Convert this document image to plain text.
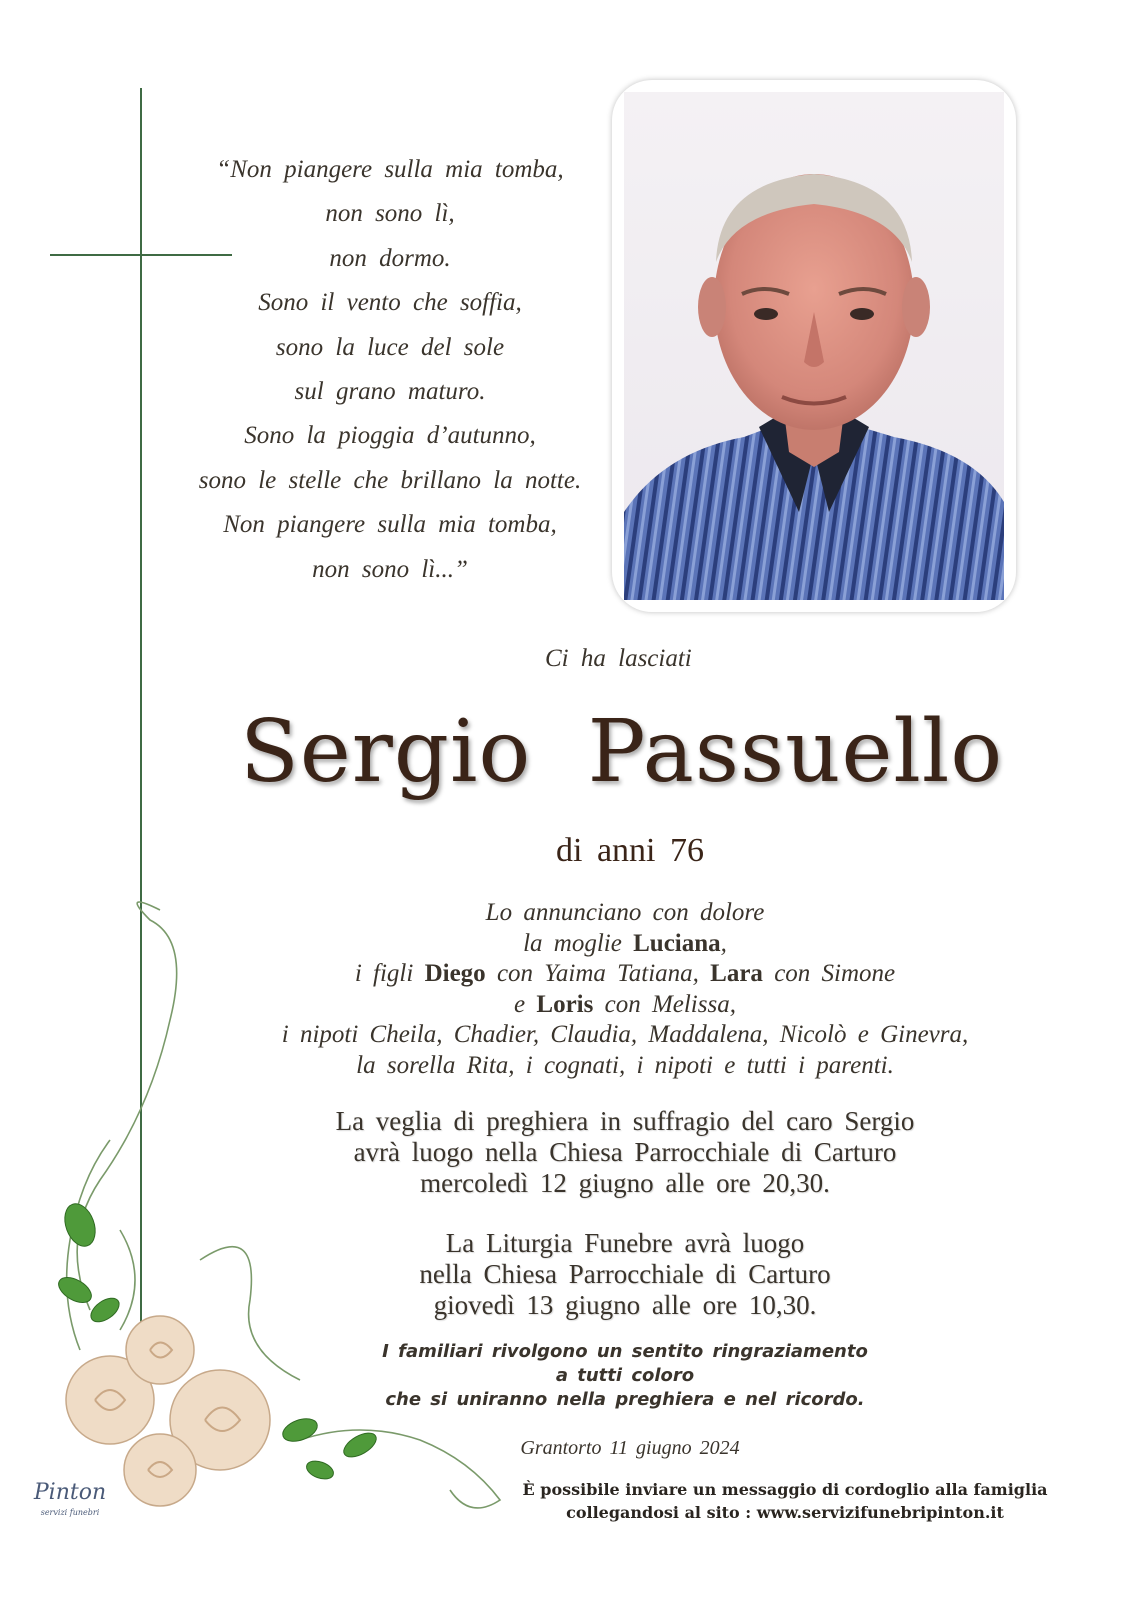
“Non piangere sulla mia tomba,
non sono lì,
non dormo.
Sono il vento che soffia,
sono la luce del sole
sul grano maturo.
Sono la pioggia d’autunno,
sono le stelle che brillano la notte.
Non piangere sulla mia tomba,
non sono lì...”
Ci ha lasciati
Sergio Passuello
di anni 76
Lo annunciano con dolore
la moglie Luciana,
i figli Diego con Yaima Tatiana, Lara con Simone
e Loris con Melissa,
i nipoti Cheila, Chadier, Claudia, Maddalena, Nicolò e Ginevra,
la sorella Rita, i cognati, i nipoti e tutti i parenti.
La veglia di preghiera in suffragio del caro Sergio
avrà luogo nella Chiesa Parrocchiale di Carturo
mercoledì 12 giugno alle ore 20,30.
La Liturgia Funebre avrà luogo
nella Chiesa Parrocchiale di Carturo
giovedì 13 giugno alle ore 10,30.
I familiari rivolgono un sentito ringraziamento
a tutti coloro
che si uniranno nella preghiera e nel ricordo.
Grantorto 11 giugno 2024
È possibile inviare un messaggio di cordoglio alla famiglia
collegandosi al sito : www.servizifunebripinton.it
Pinton
servizi funebri
